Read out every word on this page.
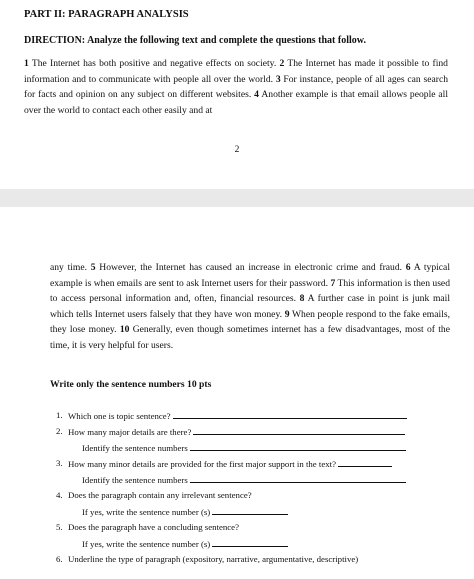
PART II: PARAGRAPH ANALYSIS
DIRECTION: Analyze the following text and complete the questions that follow.
1 The Internet has both positive and negative effects on society. 2 The Internet has made it possible to find information and to communicate with people all over the world. 3 For instance, people of all ages can search for facts and opinion on any subject on different websites. 4 Another example is that email allows people all over the world to contact each other easily and at
2
any time. 5 However, the Internet has caused an increase in electronic crime and fraud. 6 A typical example is when emails are sent to ask Internet users for their password. 7 This information is then used to access personal information and, often, financial resources. 8 A further case in point is junk mail which tells Internet users falsely that they have won money. 9 When people respond to the fake emails, they lose money. 10 Generally, even though sometimes internet has a few disadvantages, most of the time, it is very helpful for users.
Write only the sentence numbers 10 pts
1. Which one is topic sentence?
2. How many major details are there?
Identify the sentence numbers
3. How many minor details are provided for the first major support in the text?
Identify the sentence numbers
4. Does the paragraph contain any irrelevant sentence?
If yes, write the sentence number (s)
5. Does the paragraph have a concluding sentence?
If yes, write the sentence number (s)
6. Underline the type of paragraph (expository, narrative, argumentative, descriptive)
